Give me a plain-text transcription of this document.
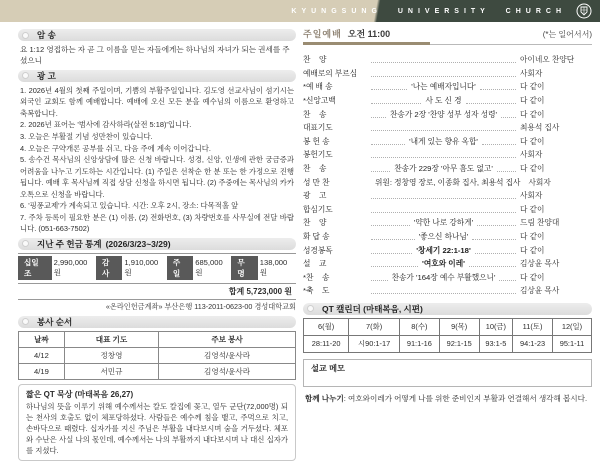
KYUNGSUNG UNIVERSITY CHURCH
암 송
요 1:12 영접하는 자 곧 그 이름을 믿는 자들에게는 하나님의 자녀가 되는 권세를 주셨으니
광 고
1. 2026년 4월의 첫째 주일이며, 기쁨의 부활주일입니다. 김도영 선교사님이 섬기시는 외국인 교회도 함께 예배합니다. 예배에 오신 모든 분을 예수님의 이름으로 환영하고 축복합니다.
2. 2026년 표어는 '범사에 감사하라(살전 5:18)'입니다.
3. 오늘은 부활절 기념 성만찬이 있습니다.
4. 오늘은 구약개론 공부를 쉬고, 다음 주에 계속 이어갑니다.
5. 송수건 목사님의 신앙상담에 많은 신청 바랍니다. 성경, 신앙, 인생에 관한 궁금증과 어려움을 나누고 기도하는 시간입니다. (1) 주일은 선착순 한 분 또는 한 가정으로 진행됩니다. 예배 후 목사님께 직접 상담 신청을 하시면 됩니다. (2) 주중에는 목사님의 카카오톡으로 신청을 바랍니다.
6. '핑퐁교제'가 계속되고 있습니다. 시간: 오후 2시, 장소: 다목적홀 앞
7. 주차 등록이 필요한 분은 (1) 이름, (2) 전화번호, (3) 차량번호를 사무실에 전달 바랍니다. (051-663-7502)
지난 주 헌금 통계 (2026/3/23~3/29)
십일조
2,990,000원
감사
1,910,000원
주일
685,000원
무명
138,000원
합계 5,723,000 원
«온라인헌금계좌» 부산은행 113-2011-0623-00 경성대학교회
봉사 순서
날짜	대표 기도	주보 봉사
4/12	정창영	김영석/윤사라
4/19	서민규	김영석/윤사라
짧은 QT 묵상 (마태복음 26,27)
하나님의 뜻을 이루기 위해 예수께서는 칼도 칼집에 꽂고, 열두 군단(72,000명) 되는 천사의 호출도 없이 체포당하셨다. 사람들은 예수께 침을 뱉고, 주먹으로 치고, 손바닥으로 때렸다. 십자가를 지신 주님은 부활을 내다보시며 숨을 거두셨다. 체포와 수난은 사실 나의 몫인데, 예수께서는 나의 부활까지 내다보시며 나 대신 십자가를 지셨다.
주일예배 오전 11:00	(*는 일어서서)
찬    양	아이네오 찬양단
예배로의 부르심	사회자
*예 배 송	'나는 예배자입니다'	다 같이
*신앙고백	사 도 신 경	다 같이
찬    송	찬송가 2장 '찬양 성부 성자 성령'	다 같이
대표기도	최용석 집사
봉 헌 송	'내게 있는 향유 옥합'	다 같이
봉헌기도	사회자
찬    송	찬송가 229장 '아무 흠도 없고'	다 같이
성 만 찬	위원: 정창영 장로, 이종화 집사, 최용석 집사 사회자
광    고	사회자
합심기도	다 같이
찬    양	'약한 나로 강하게'	드림 찬양대
화 답 송	'좋으신 하나님'	다 같이
성경봉독	'창세기 22:1-18'	다 같이
설    교	'여호와 이레'	김상윤 목사
*찬    송	찬송가 '164장 예수 부활했으니'	다 같이
*축    도	김상윤 목사
QT 캘린더 (마태복음, 시편)
6(월)	7(화)	8(수)	9(목)	10(금)	11(토)	12(일)
28:11-20	시90:1-17	91:1-16	92:1-15	93:1-5	94:1-23	95:1-11
설교 메모
함께 나누기: 여호와이레가 어떻게 나를 위한 준비인지 부활과 연결해서 생각해 봅시다.
